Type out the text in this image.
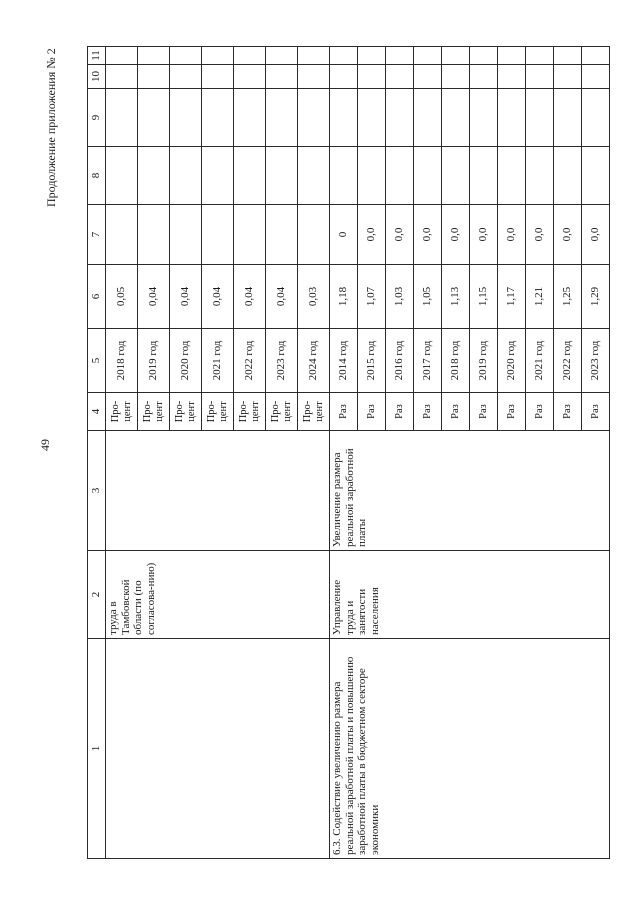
49
Продолжение приложения № 2
1	2	3	4	5	6	7	8	9	10	11
	труда в Тамбовской области (по согласова-нию)		Про-цент	2018 год	0,05					
			Про-цент	2019 год	0,04					
			Про-цент	2020 год	0,04					
			Про-цент	2021 год	0,04					
			Про-цент	2022 год	0,04					
			Про-цент	2023 год	0,04					
			Про-цент	2024 год	0,03					
6.3. Содействие увеличению размера реальной заработной платы и повышению заработной платы в бюджетном секторе экономики	Управление труда и занятости населения	Увеличение размера реальной заработной платы	Раз	2014 год	1,18	0				
			Раз	2015 год	1,07	0,0				
			Раз	2016 год	1,03	0,0				
			Раз	2017 год	1,05	0,0				
			Раз	2018 год	1,13	0,0				
			Раз	2019 год	1,15	0,0				
			Раз	2020 год	1,17	0,0				
			Раз	2021 год	1,21	0,0				
			Раз	2022 год	1,25	0,0				
			Раз	2023 год	1,29	0,0				
